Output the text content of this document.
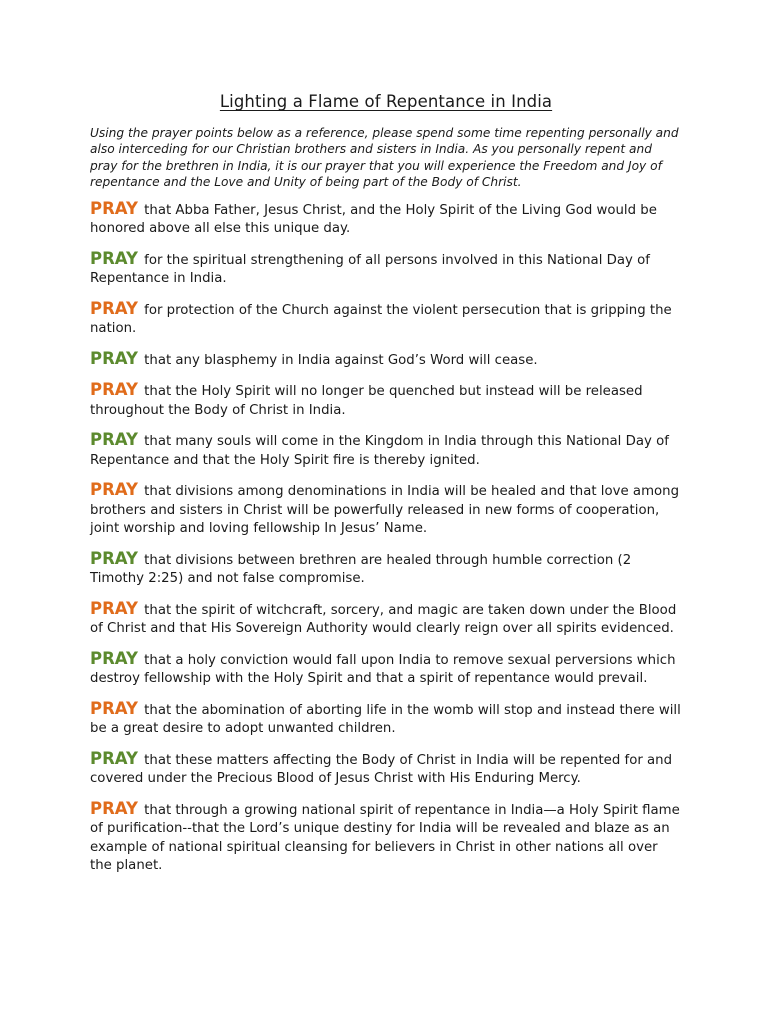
Lighting a Flame of Repentance in India

Using the prayer points below as a reference, please spend some time repenting personally and also interceding for our Christian brothers and sisters in India. As you personally repent and pray for the brethren in India, it is our prayer that you will experience the Freedom and Joy of repentance and the Love and Unity of being part of the Body of Christ.

PRAY that Abba Father, Jesus Christ, and the Holy Spirit of the Living God would be honored above all else this unique day.

PRAY for the spiritual strengthening of all persons involved in this National Day of Repentance in India.

PRAY for protection of the Church against the violent persecution that is gripping the nation.

PRAY that any blasphemy in India against God’s Word will cease.

PRAY that the Holy Spirit will no longer be quenched but instead will be released throughout the Body of Christ in India.

PRAY that many souls will come in the Kingdom in India through this National Day of Repentance and that the Holy Spirit fire is thereby ignited.

PRAY that divisions among denominations in India will be healed and that love among brothers and sisters in Christ will be powerfully released in new forms of cooperation, joint worship and loving fellowship In Jesus’ Name.

PRAY that divisions between brethren are healed through humble correction (2 Timothy 2:25) and not false compromise.

PRAY that the spirit of witchcraft, sorcery, and magic are taken down under the Blood of Christ and that His Sovereign Authority would clearly reign over all spirits evidenced.

PRAY that a holy conviction would fall upon India to remove sexual perversions which destroy fellowship with the Holy Spirit and that a spirit of repentance would prevail.

PRAY that the abomination of aborting life in the womb will stop and instead there will be a great desire to adopt unwanted children.

PRAY that these matters affecting the Body of Christ in India will be repented for and covered under the Precious Blood of Jesus Christ with His Enduring Mercy.

PRAY that through a growing national spirit of repentance in India—a Holy Spirit flame of purification--that the Lord’s unique destiny for India will be revealed and blaze as an example of national spiritual cleansing for believers in Christ in other nations all over the planet.
